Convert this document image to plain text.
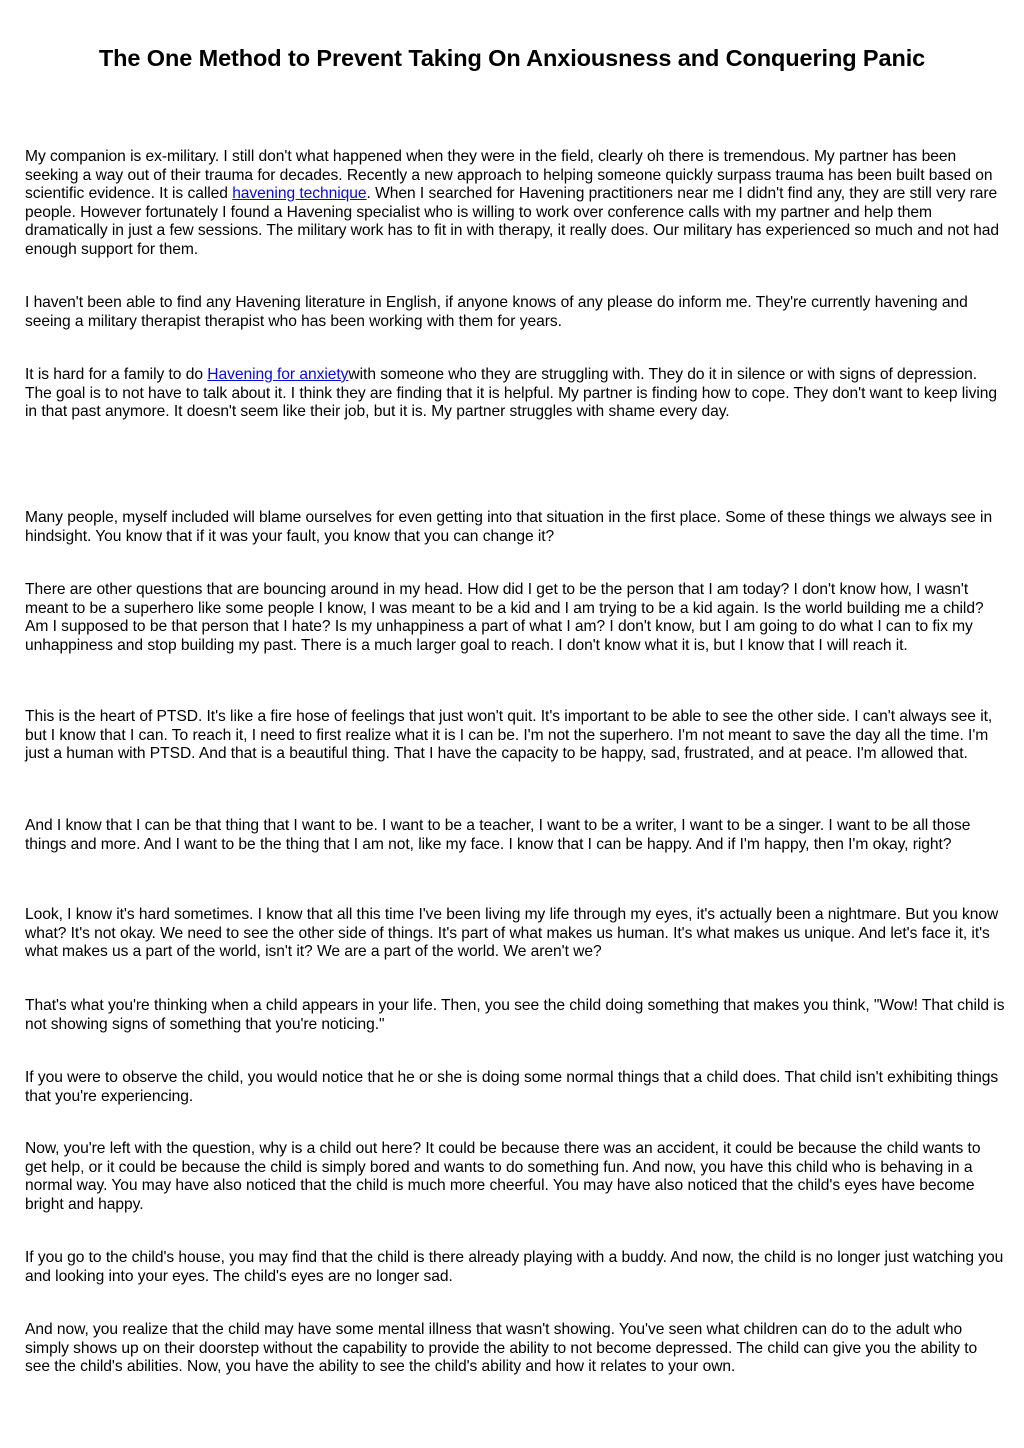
The One Method to Prevent Taking On Anxiousness and Conquering Panic

My companion is ex-military. I still don't what happened when they were in the field, clearly oh there is tremendous. My partner has been seeking a way out of their trauma for decades. Recently a new approach to helping someone quickly surpass trauma has been built based on scientific evidence. It is called havening technique. When I searched for Havening practitioners near me I didn't find any, they are still very rare people. However fortunately I found a Havening specialist who is willing to work over conference calls with my partner and help them dramatically in just a few sessions. The military work has to fit in with therapy, it really does. Our military has experienced so much and not had enough support for them.

I haven't been able to find any Havening literature in English, if anyone knows of any please do inform me. They're currently havening and seeing a military therapist therapist who has been working with them for years.

It is hard for a family to do Havening for anxietywith someone who they are struggling with. They do it in silence or with signs of depression. The goal is to not have to talk about it. I think they are finding that it is helpful. My partner is finding how to cope. They don't want to keep living in that past anymore. It doesn't seem like their job, but it is. My partner struggles with shame every day.

Many people, myself included will blame ourselves for even getting into that situation in the first place. Some of these things we always see in hindsight. You know that if it was your fault, you know that you can change it?

There are other questions that are bouncing around in my head. How did I get to be the person that I am today? I don't know how, I wasn't meant to be a superhero like some people I know, I was meant to be a kid and I am trying to be a kid again. Is the world building me a child? Am I supposed to be that person that I hate? Is my unhappiness a part of what I am? I don't know, but I am going to do what I can to fix my unhappiness and stop building my past. There is a much larger goal to reach. I don't know what it is, but I know that I will reach it.

This is the heart of PTSD. It's like a fire hose of feelings that just won't quit. It's important to be able to see the other side. I can't always see it, but I know that I can. To reach it, I need to first realize what it is I can be. I'm not the superhero. I'm not meant to save the day all the time. I'm just a human with PTSD. And that is a beautiful thing. That I have the capacity to be happy, sad, frustrated, and at peace. I'm allowed that.

And I know that I can be that thing that I want to be. I want to be a teacher, I want to be a writer, I want to be a singer. I want to be all those things and more. And I want to be the thing that I am not, like my face. I know that I can be happy. And if I'm happy, then I'm okay, right?

Look, I know it's hard sometimes. I know that all this time I've been living my life through my eyes, it's actually been a nightmare. But you know what? It's not okay. We need to see the other side of things. It's part of what makes us human. It's what makes us unique. And let's face it, it's what makes us a part of the world, isn't it? We are a part of the world. We aren't we?

That's what you're thinking when a child appears in your life. Then, you see the child doing something that makes you think, "Wow! That child is not showing signs of something that you're noticing."

If you were to observe the child, you would notice that he or she is doing some normal things that a child does. That child isn't exhibiting things that you're experiencing.

Now, you're left with the question, why is a child out here? It could be because there was an accident, it could be because the child wants to get help, or it could be because the child is simply bored and wants to do something fun. And now, you have this child who is behaving in a normal way. You may have also noticed that the child is much more cheerful. You may have also noticed that the child's eyes have become bright and happy.

If you go to the child's house, you may find that the child is there already playing with a buddy. And now, the child is no longer just watching you and looking into your eyes. The child's eyes are no longer sad.

And now, you realize that the child may have some mental illness that wasn't showing. You've seen what children can do to the adult who simply shows up on their doorstep without the capability to provide the ability to not become depressed. The child can give you the ability to see the child's abilities. Now, you have the ability to see the child's ability and how it relates to your own.
